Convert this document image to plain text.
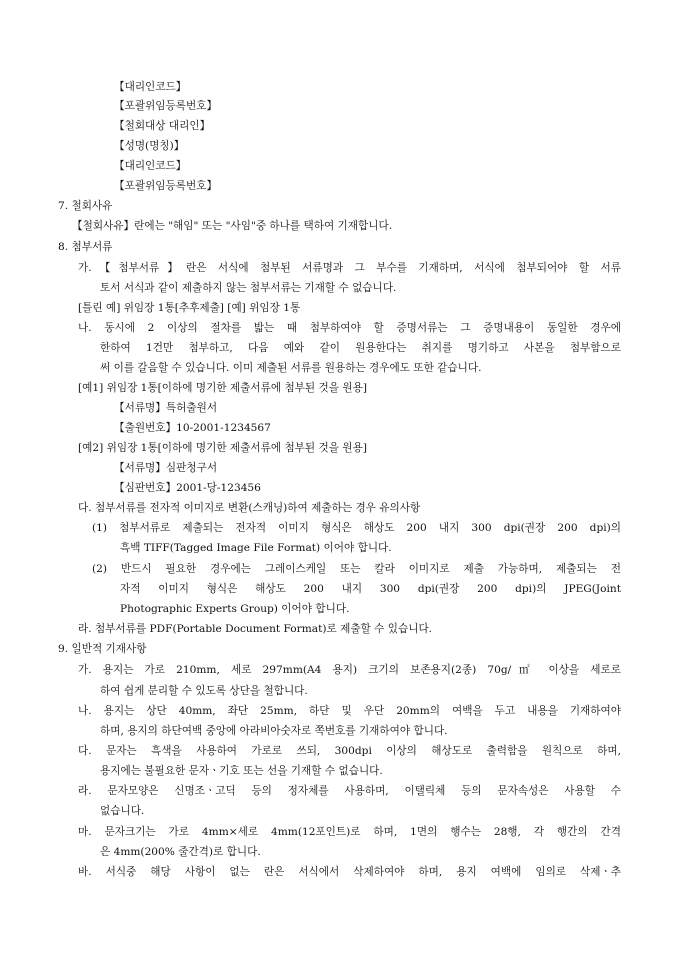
【대리인코드】
【포괄위임등록번호】
【철회대상 대리인】
【성명(명칭)】
【대리인코드】
【포괄위임등록번호】
7. 철회사유
【철회사유】란에는 "해임" 또는 "사임"중 하나를 택하여 기재합니다.
8. 첨부서류
가.【첨부서류】란은 서식에 첨부된 서류명과 그 부수를 기재하며, 서식에 첨부되어야 할 서류
토서 서식과 같이 제출하지 않는 첨부서류는 기재할 수 없습니다.
[틀린 예] 위임장 1통[추후제출] [예] 위임장 1통
나. 동시에 2 이상의 절차를 밟는 때 첨부하여야 할 증명서류는 그 증명내용이 동일한 경우에
한하여 1건만 첨부하고, 다음 예와 같이 원용한다는 취지를 명기하고 사본을 첨부함으로
써 이를 갈음할 수 있습니다. 이미 제출된 서류를 원용하는 경우에도 또한 같습니다.
[예1] 위임장 1통[이하에 명기한 제출서류에 첨부된 것을 원용]
【서류명】특허출원서
【출원번호】10-2001-1234567
[예2] 위임장 1통[이하에 명기한 제출서류에 첨부된 것을 원용]
【서류명】심판청구서
【심판번호】2001-당-123456
다. 첨부서류를 전자적 이미지로 변환(스캐닝)하여 제출하는 경우 유의사항
(1) 첨부서류로 제출되는 전자적 이미지 형식은 해상도 200 내지 300 dpi(권장 200 dpi)의
흑백 TIFF(Tagged Image File Format) 이어야 합니다.
(2) 반드시 필요한 경우에는 그레이스케일 또는 칼라 이미지로 제출 가능하며, 제출되는 전
자적 이미지 형식은 해상도 200 내지 300 dpi(권장 200 dpi)의 JPEG(Joint
Photographic Experts Group) 이어야 합니다.
라. 첨부서류를 PDF(Portable Document Format)로 제출할 수 있습니다.
9. 일반적 기재사항
가. 용지는 가로 210mm, 세로 297mm(A4 용지) 크기의 보존용지(2종) 70g/㎡ 이상을 세로로
하여 쉽게 분리할 수 있도록 상단을 철합니다.
나. 용지는 상단 40mm, 좌단 25mm, 하단 및 우단 20mm의 여백을 두고 내용을 기재하여야
하며, 용지의 하단여백 중앙에 아라비아숫자로 쪽번호를 기재하여야 합니다.
다. 문자는 흑색을 사용하여 가로로 쓰되, 300dpi 이상의 해상도로 출력함을 원칙으로 하며,
용지에는 불필요한 문자ㆍ기호 또는 선을 기재할 수 없습니다.
라. 문자모양은 신명조ㆍ고딕 등의 정자체를 사용하며, 이탤릭체 등의 문자속성은 사용할 수
없습니다.
마. 문자크기는 가로 4mm×세로 4mm(12포인트)로 하며, 1면의 행수는 28행, 각 행간의 간격
은 4mm(200% 줄간격)로 합니다.
바. 서식중 해당 사항이 없는 란은 서식에서 삭제하여야 하며, 용지 여백에 임의로 삭제ㆍ추
